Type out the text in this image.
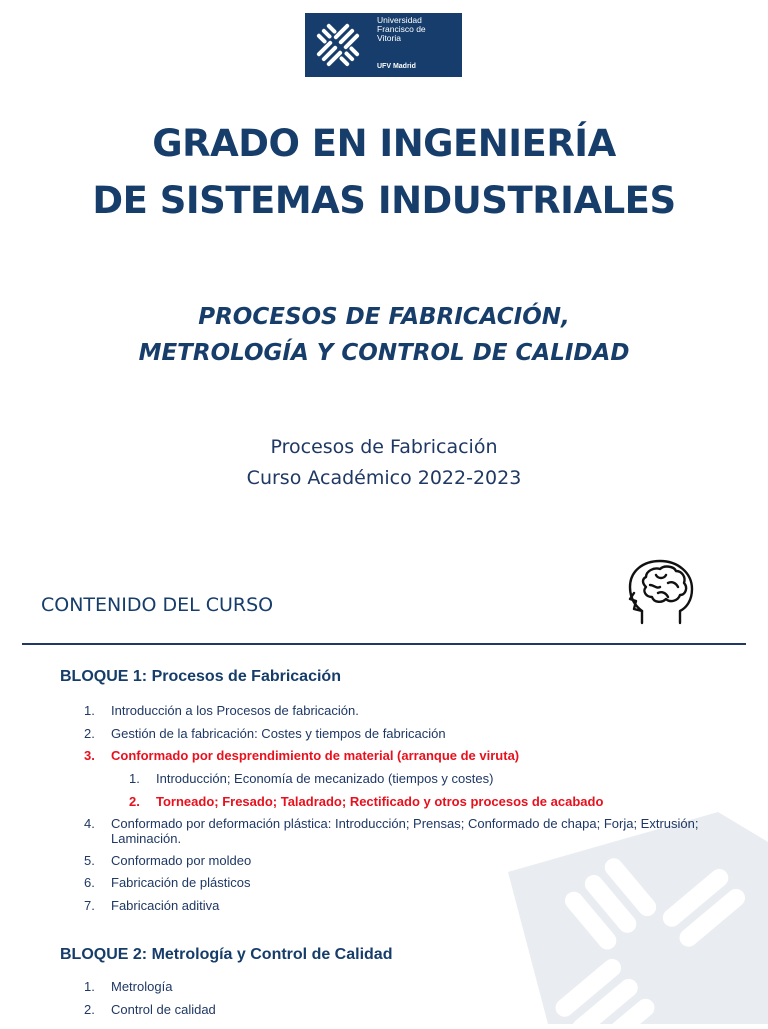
Universidad
Francisco de
Vitoria
UFV Madrid
GRADO EN INGENIERÍA
DE SISTEMAS INDUSTRIALES
PROCESOS DE FABRICACIÓN,
METROLOGÍA Y CONTROL DE CALIDAD
Procesos de Fabricación
Curso Académico 2022-2023
CONTENIDO DEL CURSO
BLOQUE 1: Procesos de Fabricación
1.	Introducción a los Procesos de fabricación.
2.	Gestión de la fabricación: Costes y tiempos de fabricación
3.	Conformado por desprendimiento de material (arranque de viruta)
1.	Introducción; Economía de mecanizado (tiempos y costes)
2.	Torneado; Fresado; Taladrado; Rectificado y otros procesos de acabado
4.	Conformado por deformación plástica: Introducción; Prensas; Conformado de chapa; Forja; Extrusión; Laminación.
5.	Conformado por moldeo
6.	Fabricación de plásticos
7.	Fabricación aditiva
BLOQUE 2: Metrología y Control de Calidad
1.	Metrología
2.	Control de calidad
